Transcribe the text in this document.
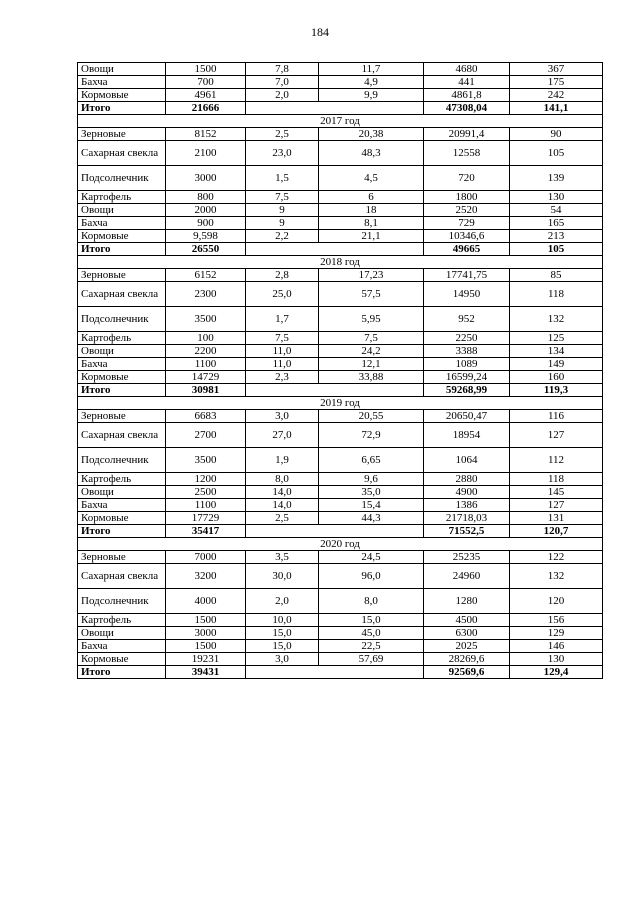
184
Овощи	1500	7,8	11,7	4680	367
Бахча	700	7,0	4,9	441	175
Кормовые	4961	2,0	9,9	4861,8	242
Итого	21666			47308,04	141,1
2017 год					
Зерновые	8152	2,5	20,38	20991,4	90
Сахарная свекла	2100	23,0	48,3	12558	105
Подсолнечник	3000	1,5	4,5	720	139
Картофель	800	7,5	6	1800	130
Овощи	2000	9	18	2520	54
Бахча	900	9	8,1	729	165
Кормовые	9,598	2,2	21,1	10346,6	213
Итого	26550			49665	105
2018 год					
Зерновые	6152	2,8	17,23	17741,75	85
Сахарная свекла	2300	25,0	57,5	14950	118
Подсолнечник	3500	1,7	5,95	952	132
Картофель	100	7,5	7,5	2250	125
Овощи	2200	11,0	24,2	3388	134
Бахча	1100	11,0	12,1	1089	149
Кормовые	14729	2,3	33,88	16599,24	160
Итого	30981			59268,99	119,3
2019 год					
Зерновые	6683	3,0	20,55	20650,47	116
Сахарная свекла	2700	27,0	72,9	18954	127
Подсолнечник	3500	1,9	6,65	1064	112
Картофель	1200	8,0	9,6	2880	118
Овощи	2500	14,0	35,0	4900	145
Бахча	1100	14,0	15,4	1386	127
Кормовые	17729	2,5	44,3	21718,03	131
Итого	35417			71552,5	120,7
2020 год					
Зерновые	7000	3,5	24,5	25235	122
Сахарная свекла	3200	30,0	96,0	24960	132
Подсолнечник	4000	2,0	8,0	1280	120
Картофель	1500	10,0	15,0	4500	156
Овощи	3000	15,0	45,0	6300	129
Бахча	1500	15,0	22,5	2025	146
Кормовые	19231	3,0	57,69	28269,6	130
Итого	39431			92569,6	129,4
